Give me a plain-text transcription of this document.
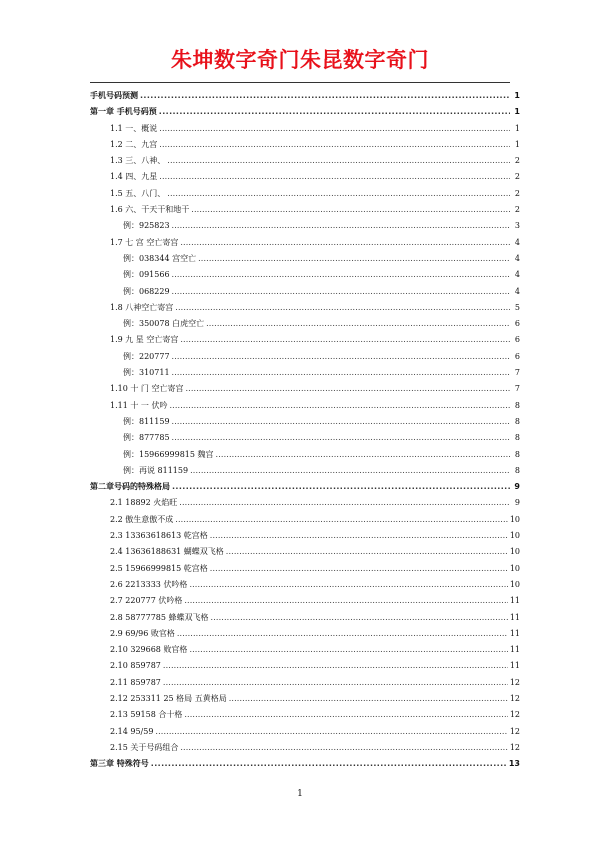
朱坤数字奇门朱昆数字奇门
手机号码预测 . . .	1
第一章 手机号码预 . . .	1
1.1 一、概说 . . .	1
1.2 二、九宫 . . .	1
1.3 三、八神、 . . .	2
1.4 四、九星 . . .	2
1.5 五、八门、 . . .	2
1.6 六、干天干和地干 . . .	2
例：925823 . . .	3
1.7 七 宫 空亡寄宫 . . .	4
例：038344 宫空亡 . . .	4
例：091566 . . .	4
例：068229 . . .	4
1.8 八神空亡寄宫 . . .	5
例：350078 白虎空亡 . . .	6
1.9 九 星 空亡寄宫 . . .	6
例：220777 . . .	6
例：310711 . . .	7
1.10 十 门 空亡寄宫 . . .	7
1.11 十 一 伏吟 . . .	8
例：811159 . . .	8
例：877785 . . .	8
例：15966999815 魏宫 . . .	8
例：再说 811159 . . .	8
第二章号码的特殊格局 . . .	9
2.1 18892 火焰旺 . . .	9
2.2 傲生意傲不成 . . .	10
2.3 13363618613 乾宫格 . . .	10
2.4 13636188631 蝴蝶双飞格 . . .	10
2.5 15966999815 乾宫格 . . .	10
2.6 2213333 伏吟格 . . .	10
2.7 220777 伏吟格 . . .	11
2.8 58777785 蜂蝶双飞格 . . .	11
2.9 69/96 败官格 . . .	11
2.10 329668 败官格 . . .	11
2.10 859787 . . .	11
2.11 859787 . . .	12
2.12 253311 25 格局 五黄格局 . . .	12
2.13 59158 合十格 . . .	12
2.14 95/59 . . .	12
2.15 关于号码组合 . . .	12
第三章 特殊符号 . . .	13
1
